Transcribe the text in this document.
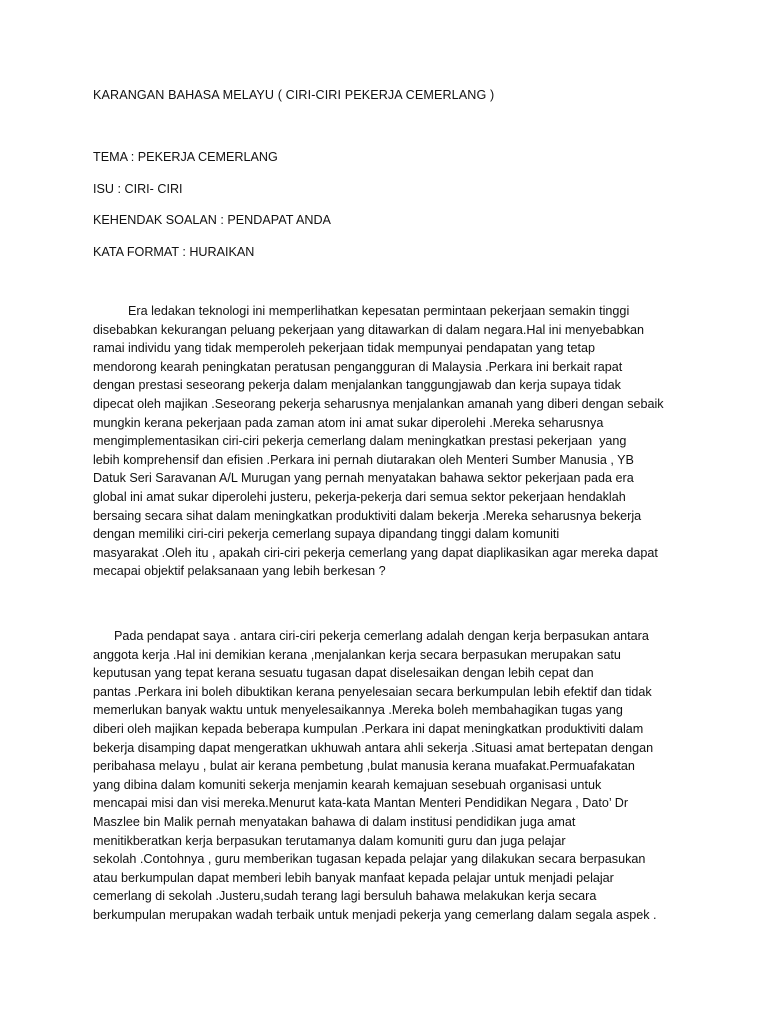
KARANGAN BAHASA MELAYU ( CIRI-CIRI PEKERJA CEMERLANG )
TEMA : PEKERJA CEMERLANG
ISU : CIRI- CIRI
KEHENDAK SOALAN : PENDAPAT ANDA
KATA FORMAT : HURAIKAN
Era ledakan teknologi ini memperlihatkan kepesatan permintaan pekerjaan semakin tinggi
disebabkan kekurangan peluang pekerjaan yang ditawarkan di dalam negara.Hal ini menyebabkan
ramai individu yang tidak memperoleh pekerjaan tidak mempunyai pendapatan yang tetap
mendorong kearah peningkatan peratusan pengangguran di Malaysia .Perkara ini berkait rapat
dengan prestasi seseorang pekerja dalam menjalankan tanggungjawab dan kerja supaya tidak
dipecat oleh majikan .Seseorang pekerja seharusnya menjalankan amanah yang diberi dengan sebaik
mungkin kerana pekerjaan pada zaman atom ini amat sukar diperolehi .Mereka seharusnya
mengimplementasikan ciri-ciri pekerja cemerlang dalam meningkatkan prestasi pekerjaan  yang
lebih komprehensif dan efisien .Perkara ini pernah diutarakan oleh Menteri Sumber Manusia , YB
Datuk Seri Saravanan A/L Murugan yang pernah menyatakan bahawa sektor pekerjaan pada era
global ini amat sukar diperolehi justeru, pekerja-pekerja dari semua sektor pekerjaan hendaklah
bersaing secara sihat dalam meningkatkan produktiviti dalam bekerja .Mereka seharusnya bekerja
dengan memiliki ciri-ciri pekerja cemerlang supaya dipandang tinggi dalam komuniti
masyarakat .Oleh itu , apakah ciri-ciri pekerja cemerlang yang dapat diaplikasikan agar mereka dapat
mecapai objektif pelaksanaan yang lebih berkesan ?
Pada pendapat saya . antara ciri-ciri pekerja cemerlang adalah dengan kerja berpasukan antara
anggota kerja .Hal ini demikian kerana ,menjalankan kerja secara berpasukan merupakan satu
keputusan yang tepat kerana sesuatu tugasan dapat diselesaikan dengan lebih cepat dan
pantas .Perkara ini boleh dibuktikan kerana penyelesaian secara berkumpulan lebih efektif dan tidak
memerlukan banyak waktu untuk menyelesaikannya .Mereka boleh membahagikan tugas yang
diberi oleh majikan kepada beberapa kumpulan .Perkara ini dapat meningkatkan produktiviti dalam
bekerja disamping dapat mengeratkan ukhuwah antara ahli sekerja .Situasi amat bertepatan dengan
peribahasa melayu , bulat air kerana pembetung ,bulat manusia kerana muafakat.Permuafakatan
yang dibina dalam komuniti sekerja menjamin kearah kemajuan sesebuah organisasi untuk
mencapai misi dan visi mereka.Menurut kata-kata Mantan Menteri Pendidikan Negara , Dato’ Dr
Maszlee bin Malik pernah menyatakan bahawa di dalam institusi pendidikan juga amat
menitikberatkan kerja berpasukan terutamanya dalam komuniti guru dan juga pelajar
sekolah .Contohnya , guru memberikan tugasan kepada pelajar yang dilakukan secara berpasukan
atau berkumpulan dapat memberi lebih banyak manfaat kepada pelajar untuk menjadi pelajar
cemerlang di sekolah .Justeru,sudah terang lagi bersuluh bahawa melakukan kerja secara
berkumpulan merupakan wadah terbaik untuk menjadi pekerja yang cemerlang dalam segala aspek .
